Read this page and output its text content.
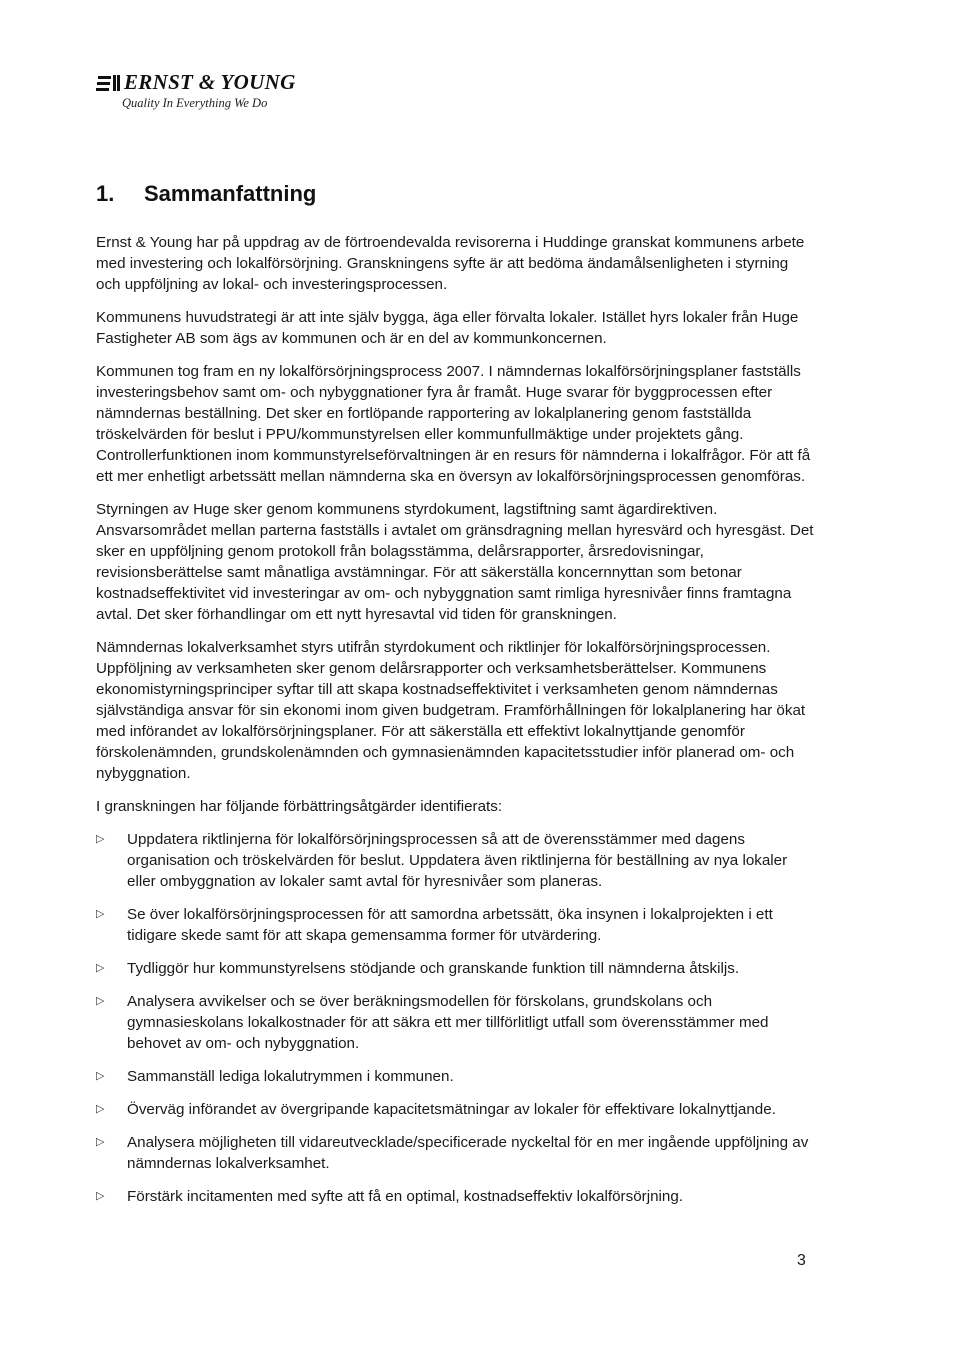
ERNST & YOUNG
Quality In Everything We Do
1. Sammanfattning

Ernst & Young har på uppdrag av de förtroendevalda revisorerna i Huddinge granskat kommunens arbete med investering och lokalförsörjning. Granskningens syfte är att bedöma ändamålsenligheten i styrning och uppföljning av lokal- och investeringsprocessen.

Kommunens huvudstrategi är att inte själv bygga, äga eller förvalta lokaler. Istället hyrs lokaler från Huge Fastigheter AB som ägs av kommunen och är en del av kommunkoncernen.

Kommunen tog fram en ny lokalförsörjningsprocess 2007. I nämndernas lokalförsörjningsplaner fastställs investeringsbehov samt om- och nybyggnationer fyra år framåt. Huge svarar för byggprocessen efter nämndernas beställning. Det sker en fortlöpande rapportering av lokalplanering genom fastställda tröskelvärden för beslut i PPU/kommunstyrelsen eller kommunfullmäktige under projektets gång. Controllerfunktionen inom kommunstyrelseförvaltningen är en resurs för nämnderna i lokalfrågor. För att få ett mer enhetligt arbetssätt mellan nämnderna ska en översyn av lokalförsörjningsprocessen genomföras.

Styrningen av Huge sker genom kommunens styrdokument, lagstiftning samt ägardirektiven. Ansvarsområdet mellan parterna fastställs i avtalet om gränsdragning mellan hyresvärd och hyresgäst. Det sker en uppföljning genom protokoll från bolagsstämma, delårsrapporter, årsredovisningar, revisionsberättelse samt månatliga avstämningar. För att säkerställa koncernnyttan som betonar kostnadseffektivitet vid investeringar av om- och nybyggnation samt rimliga hyresnivåer finns framtagna avtal. Det sker förhandlingar om ett nytt hyresavtal vid tiden för granskningen.

Nämndernas lokalverksamhet styrs utifrån styrdokument och riktlinjer för lokalförsörjningsprocessen. Uppföljning av verksamheten sker genom delårsrapporter och verksamhetsberättelser. Kommunens ekonomistyrningsprinciper syftar till att skapa kostnadseffektivitet i verksamheten genom nämndernas självständiga ansvar för sin ekonomi inom given budgetram. Framförhållningen för lokalplanering har ökat med införandet av lokalförsörjningsplaner. För att säkerställa ett effektivt lokalnyttjande genomför förskolenämnden, grundskolenämnden och gymnasienämnden kapacitetsstudier inför planerad om- och nybyggnation.

I granskningen har följande förbättringsåtgärder identifierats:

▷	Uppdatera riktlinjerna för lokalförsörjningsprocessen så att de överensstämmer med dagens organisation och tröskelvärden för beslut. Uppdatera även riktlinjerna för beställning av nya lokaler eller ombyggnation av lokaler samt avtal för hyresnivåer som planeras.
▷	Se över lokalförsörjningsprocessen för att samordna arbetssätt, öka insynen i lokalprojekten i ett tidigare skede samt för att skapa gemensamma former för utvärdering.
▷	Tydliggör hur kommunstyrelsens stödjande och granskande funktion till nämnderna åtskiljs.
▷	Analysera avvikelser och se över beräkningsmodellen för förskolans, grundskolans och gymnasieskolans lokalkostnader för att säkra ett mer tillförlitligt utfall som överensstämmer med behovet av om- och nybyggnation.
▷	Sammanställ lediga lokalutrymmen i kommunen.
▷	Överväg införandet av övergripande kapacitetsmätningar av lokaler för effektivare lokalnyttjande.
▷	Analysera möjligheten till vidareutvecklade/specificerade nyckeltal för en mer ingående uppföljning av nämndernas lokalverksamhet.
▷	Förstärk incitamenten med syfte att få en optimal, kostnadseffektiv lokalförsörjning.
3
